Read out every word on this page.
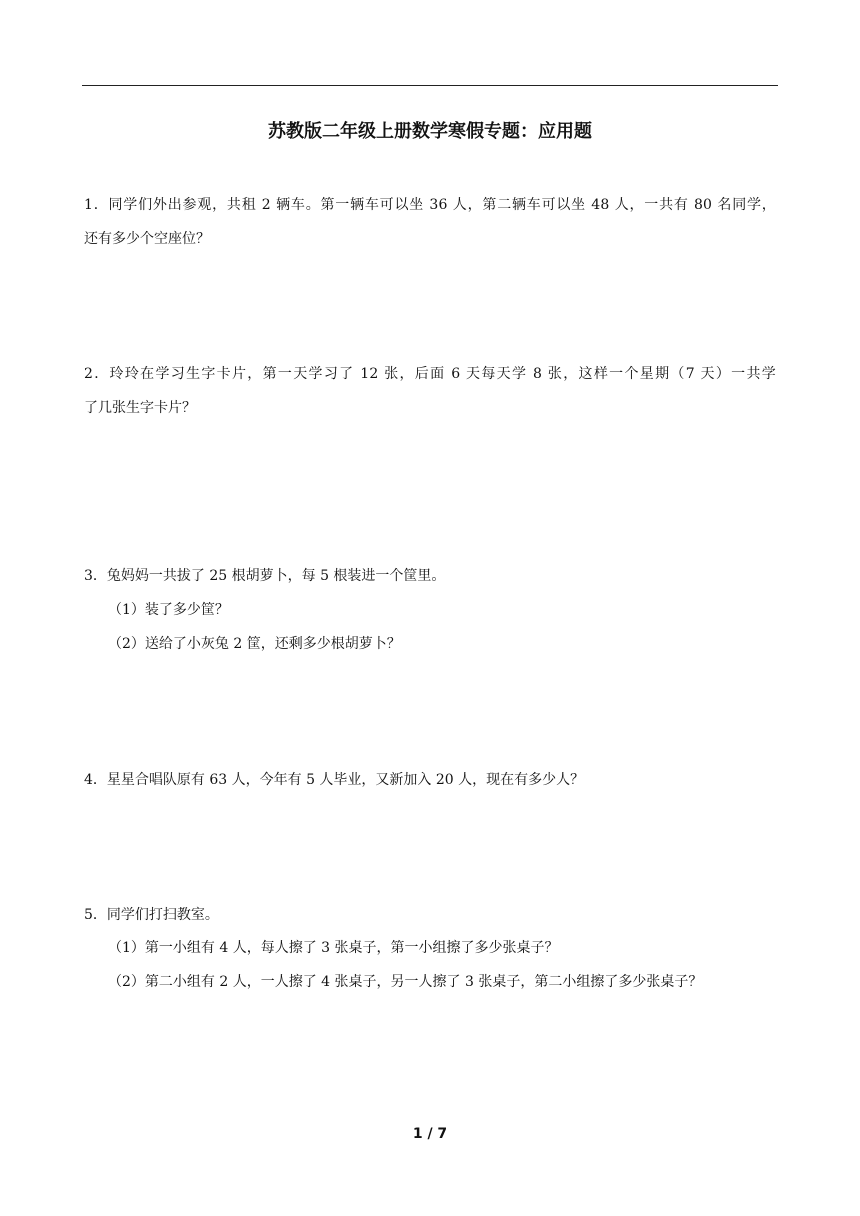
苏教版二年级上册数学寒假专题：应用题
1．同学们外出参观，共租 2 辆车。第一辆车可以坐 36 人，第二辆车可以坐 48 人，一共有 80 名同学，
还有多少个空座位？
2．玲玲在学习生字卡片，第一天学习了 12 张，后面 6 天每天学 8 张，这样一个星期（7 天）一共学
了几张生字卡片？
3．兔妈妈一共拔了 25 根胡萝卜，每 5 根装进一个筐里。
（1）装了多少筐？
（2）送给了小灰兔 2 筐，还剩多少根胡萝卜？
4．星星合唱队原有 63 人，今年有 5 人毕业，又新加入 20 人，现在有多少人？
5．同学们打扫教室。
（1）第一小组有 4 人，每人擦了 3 张桌子，第一小组擦了多少张桌子？
（2）第二小组有 2 人，一人擦了 4 张桌子，另一人擦了 3 张桌子，第二小组擦了多少张桌子？
1 / 7
